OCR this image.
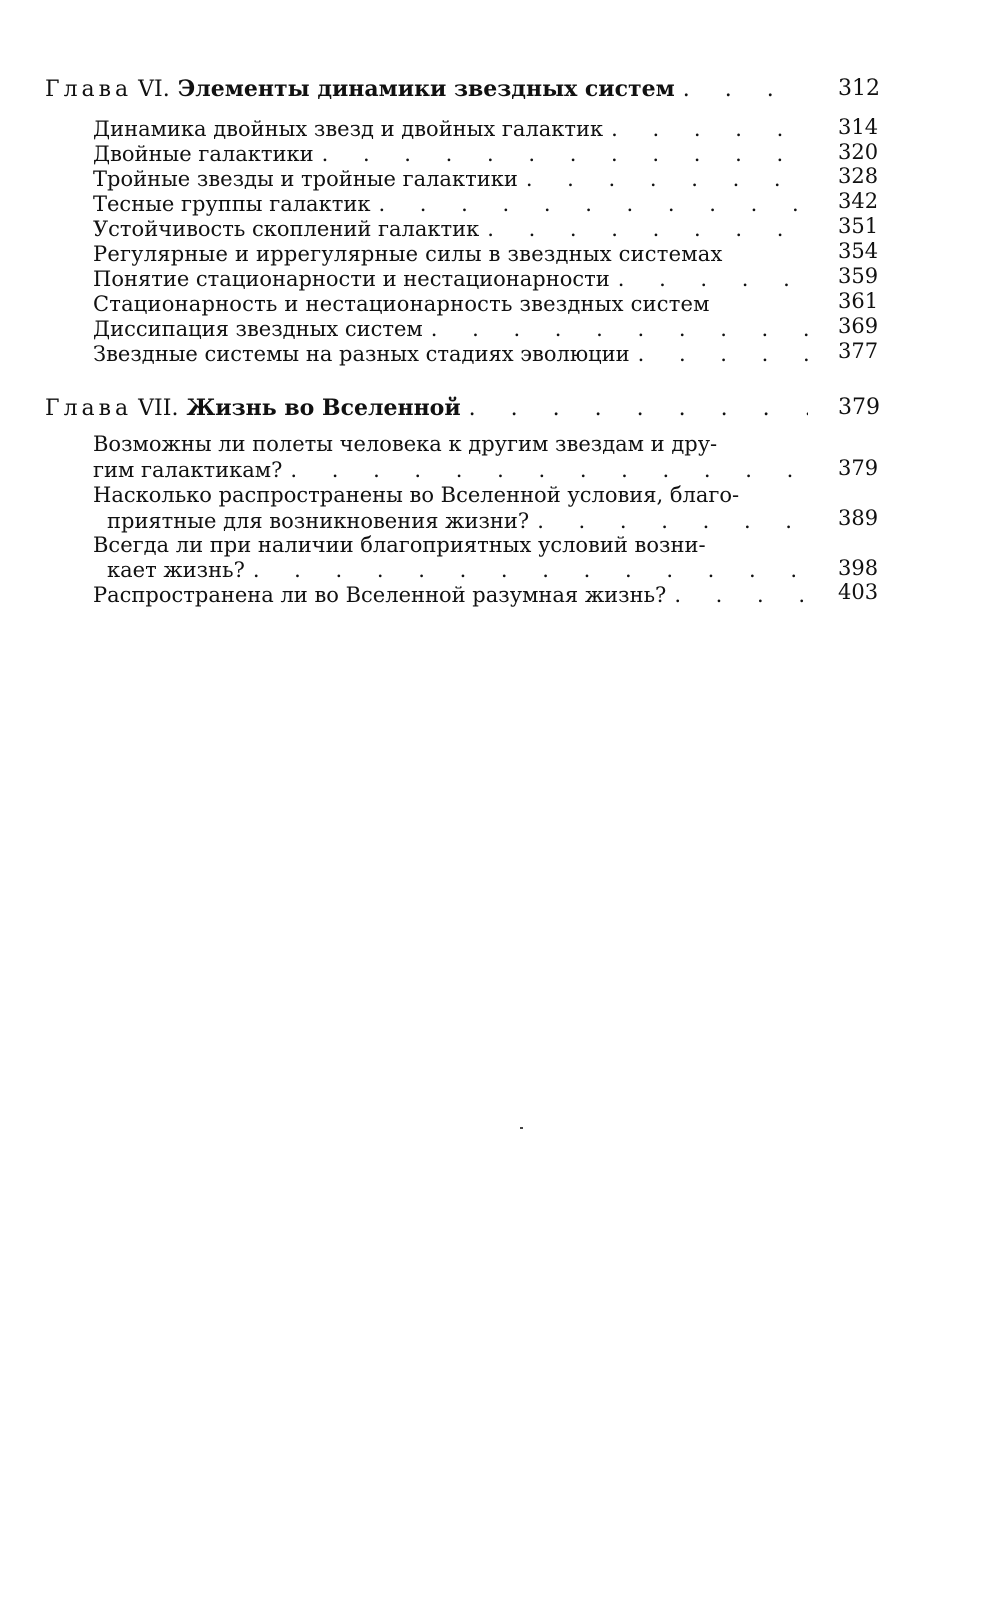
Глава VI. Элементы динамики звездных систем . . .	312
Динамика двойных звезд и двойных галактик . . .	314
Двойные галактики . . .	320
Тройные звезды и тройные галактики . . .	328
Тесные группы галактик . . .	342
Устойчивость скоплений галактик . . .	351
Регулярные и иррегулярные силы в звездных системах	354
Понятие стационарности и нестационарности . . .	359
Стационарность и нестационарность звездных систем	361
Диссипация звездных систем . . .	369
Звездные системы на разных стадиях эволюции . . .	377
Глава VII. Жизнь во Вселенной . . .	379
Возможны ли полеты человека к другим звездам и дру-
гим галактикам? . . .	379
Насколько распространены во Вселенной условия, благо-
приятные для возникновения жизни? . . .	389
Всегда ли при наличии благоприятных условий возни-
кает жизнь? . . .	398
Распространена ли во Вселенной разумная жизнь? . . .	403
